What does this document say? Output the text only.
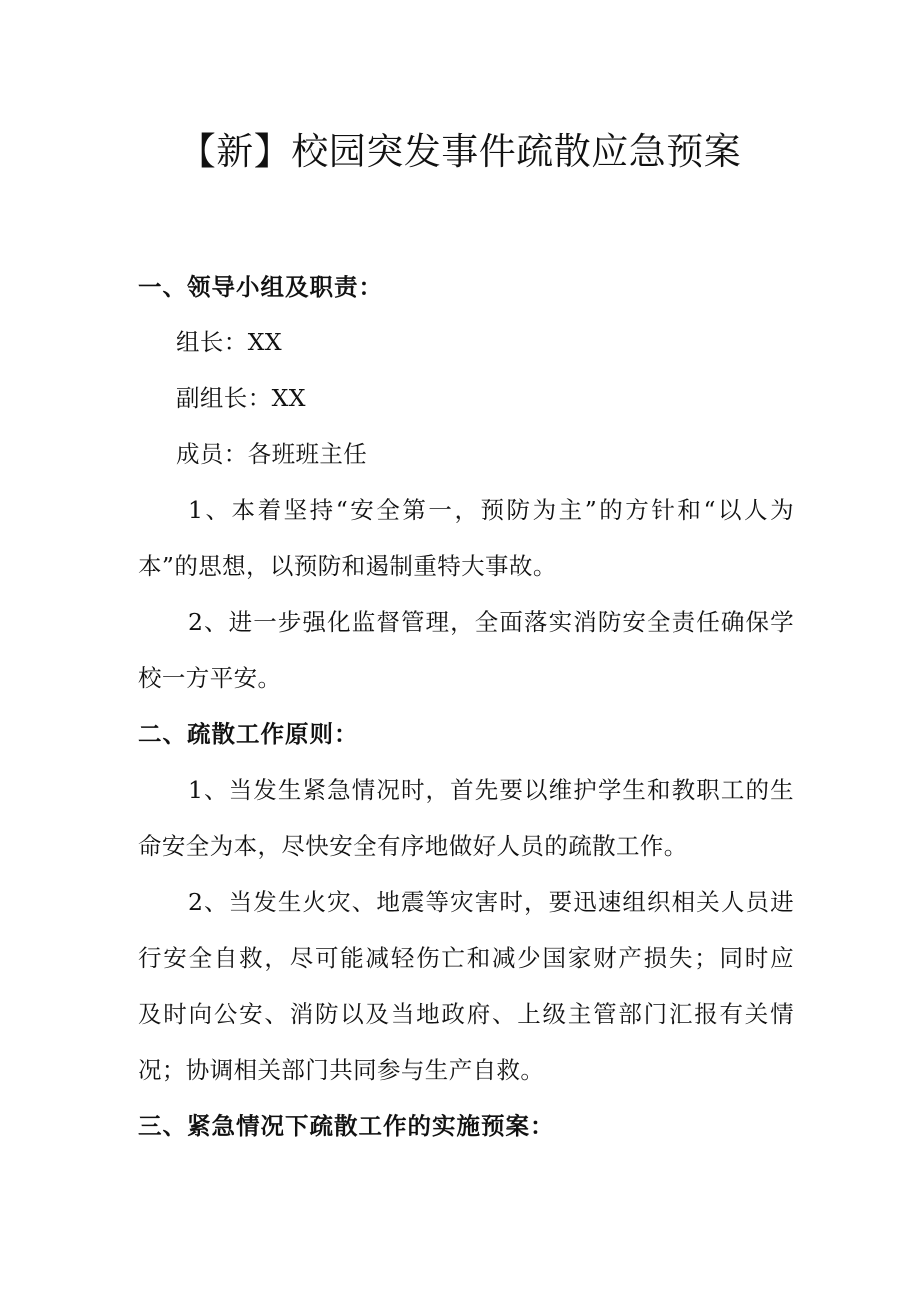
【新】校园突发事件疏散应急预案
一、领导小组及职责：
组长：XX
副组长：XX
成员：各班班主任
1、本着坚持“安全第一，预防为主”的方针和“以人为
本”的思想，以预防和遏制重特大事故。
2、进一步强化监督管理，全面落实消防安全责任确保学
校一方平安。
二、疏散工作原则：
1、当发生紧急情况时，首先要以维护学生和教职工的生
命安全为本，尽快安全有序地做好人员的疏散工作。
2、当发生火灾、地震等灾害时，要迅速组织相关人员进
行安全自救，尽可能减轻伤亡和减少国家财产损失；同时应
及时向公安、消防以及当地政府、上级主管部门汇报有关情
况；协调相关部门共同参与生产自救。
三、紧急情况下疏散工作的实施预案：
